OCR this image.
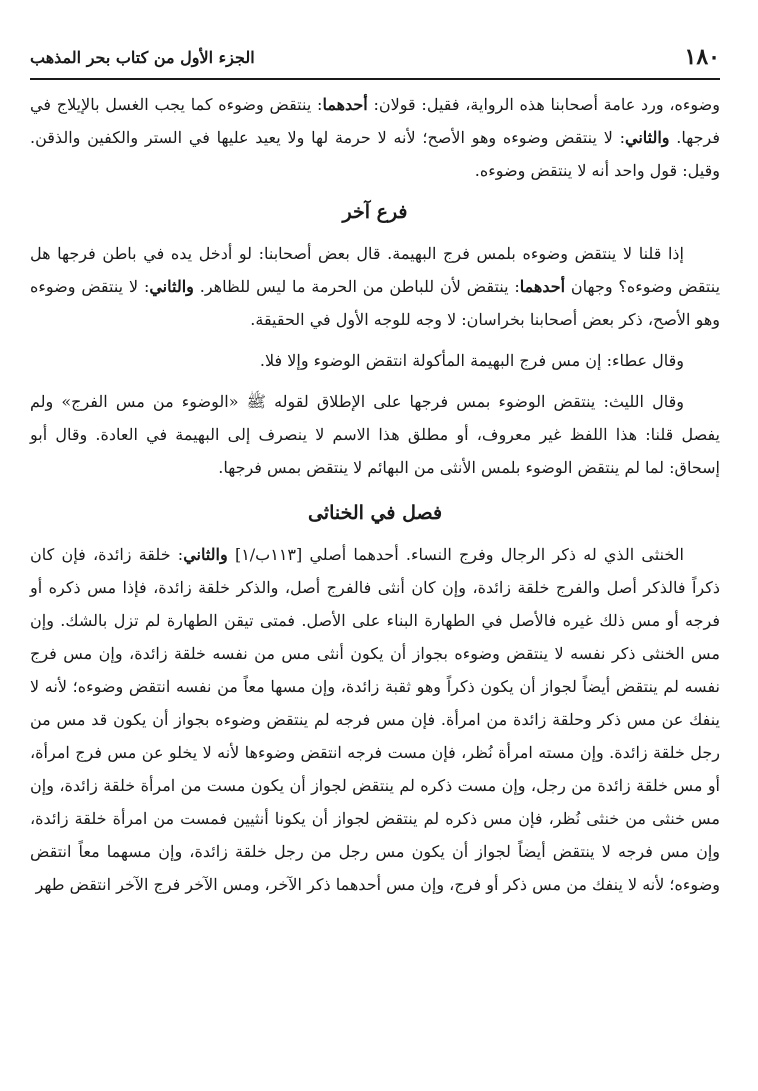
١٨٠
الجزء الأول من كتاب بحر المذهب

وضوءه، ورد عامة أصحابنا هذه الرواية، فقيل: قولان: أحدهما: ينتقض وضوءه كما يجب الغسل بالإيلاج في فرجها. والثاني: لا ينتقض وضوءه وهو الأصح؛ لأنه لا حرمة لها ولا يعيد عليها في الستر والكفين والذقن. وقيل: قول واحد أنه لا ينتقض وضوءه.

فرع آخر

إذا قلنا لا ينتقض وضوءه بلمس فرج البهيمة. قال بعض أصحابنا: لو أدخل يده في باطن فرجها هل ينتقض وضوءه؟ وجهان أحدهما: ينتقض لأن للباطن من الحرمة ما ليس للظاهر. والثاني: لا ينتقض وضوءه وهو الأصح، ذكر بعض أصحابنا بخراسان: لا وجه للوجه الأول في الحقيقة.

وقال عطاء: إن مس فرج البهيمة المأكولة انتقض الوضوء وإلا فلا.

وقال الليث: ينتقض الوضوء بمس فرجها على الإطلاق لقوله ﷺ «الوضوء من مس الفرج» ولم يفصل قلنا: هذا اللفظ غير معروف، أو مطلق هذا الاسم لا ينصرف إلى البهيمة في العادة. وقال أبو إسحاق: لما لم ينتقض الوضوء بلمس الأنثى من البهائم لا ينتقض بمس فرجها.

فصل في الخناثى

الخنثى الذي له ذكر الرجال وفرج النساء. أحدهما أصلي [١١٣ب/١] والثاني: خلقة زائدة، فإن كان ذكراً فالذكر أصل والفرج خلقة زائدة، وإن كان أنثى فالفرج أصل، والذكر خلقة زائدة، فإذا مس ذكره أو فرجه أو مس ذلك غيره فالأصل في الطهارة البناء على الأصل. فمتى تيقن الطهارة لم تزل بالشك. وإن مس الخنثى ذكر نفسه لا ينتقض وضوءه بجواز أن يكون أنثى مس من نفسه خلقة زائدة، وإن مس فرج نفسه لم ينتقض أيضاً لجواز أن يكون ذكراً وهو ثقبة زائدة، وإن مسها معاً من نفسه انتقض وضوءه؛ لأنه لا ينفك عن مس ذكر وحلقة زائدة من امرأة. فإن مس فرجه لم ينتقض وضوءه بجواز أن يكون قد مس من رجل خلقة زائدة. وإن مسته امرأة نُظر، فإن مست فرجه انتقض وضوءها لأنه لا يخلو عن مس فرج امرأة، أو مس خلقة زائدة من رجل، وإن مست ذكره لم ينتقض لجواز أن يكون مست من امرأة خلقة زائدة، وإن مس خنثى من خنثى نُظر، فإن مس ذكره لم ينتقض لجواز أن يكونا أنثيين فمست من امرأة خلقة زائدة، وإن مس فرجه لا ينتقض أيضاً لجواز أن يكون مس رجل من رجل خلقة زائدة، وإن مسهما معاً انتقض وضوءه؛ لأنه لا ينفك من مس ذكر أو فرج، وإن مس أحدهما ذكر الآخر، ومس الآخر فرج الآخر انتقض طهر
